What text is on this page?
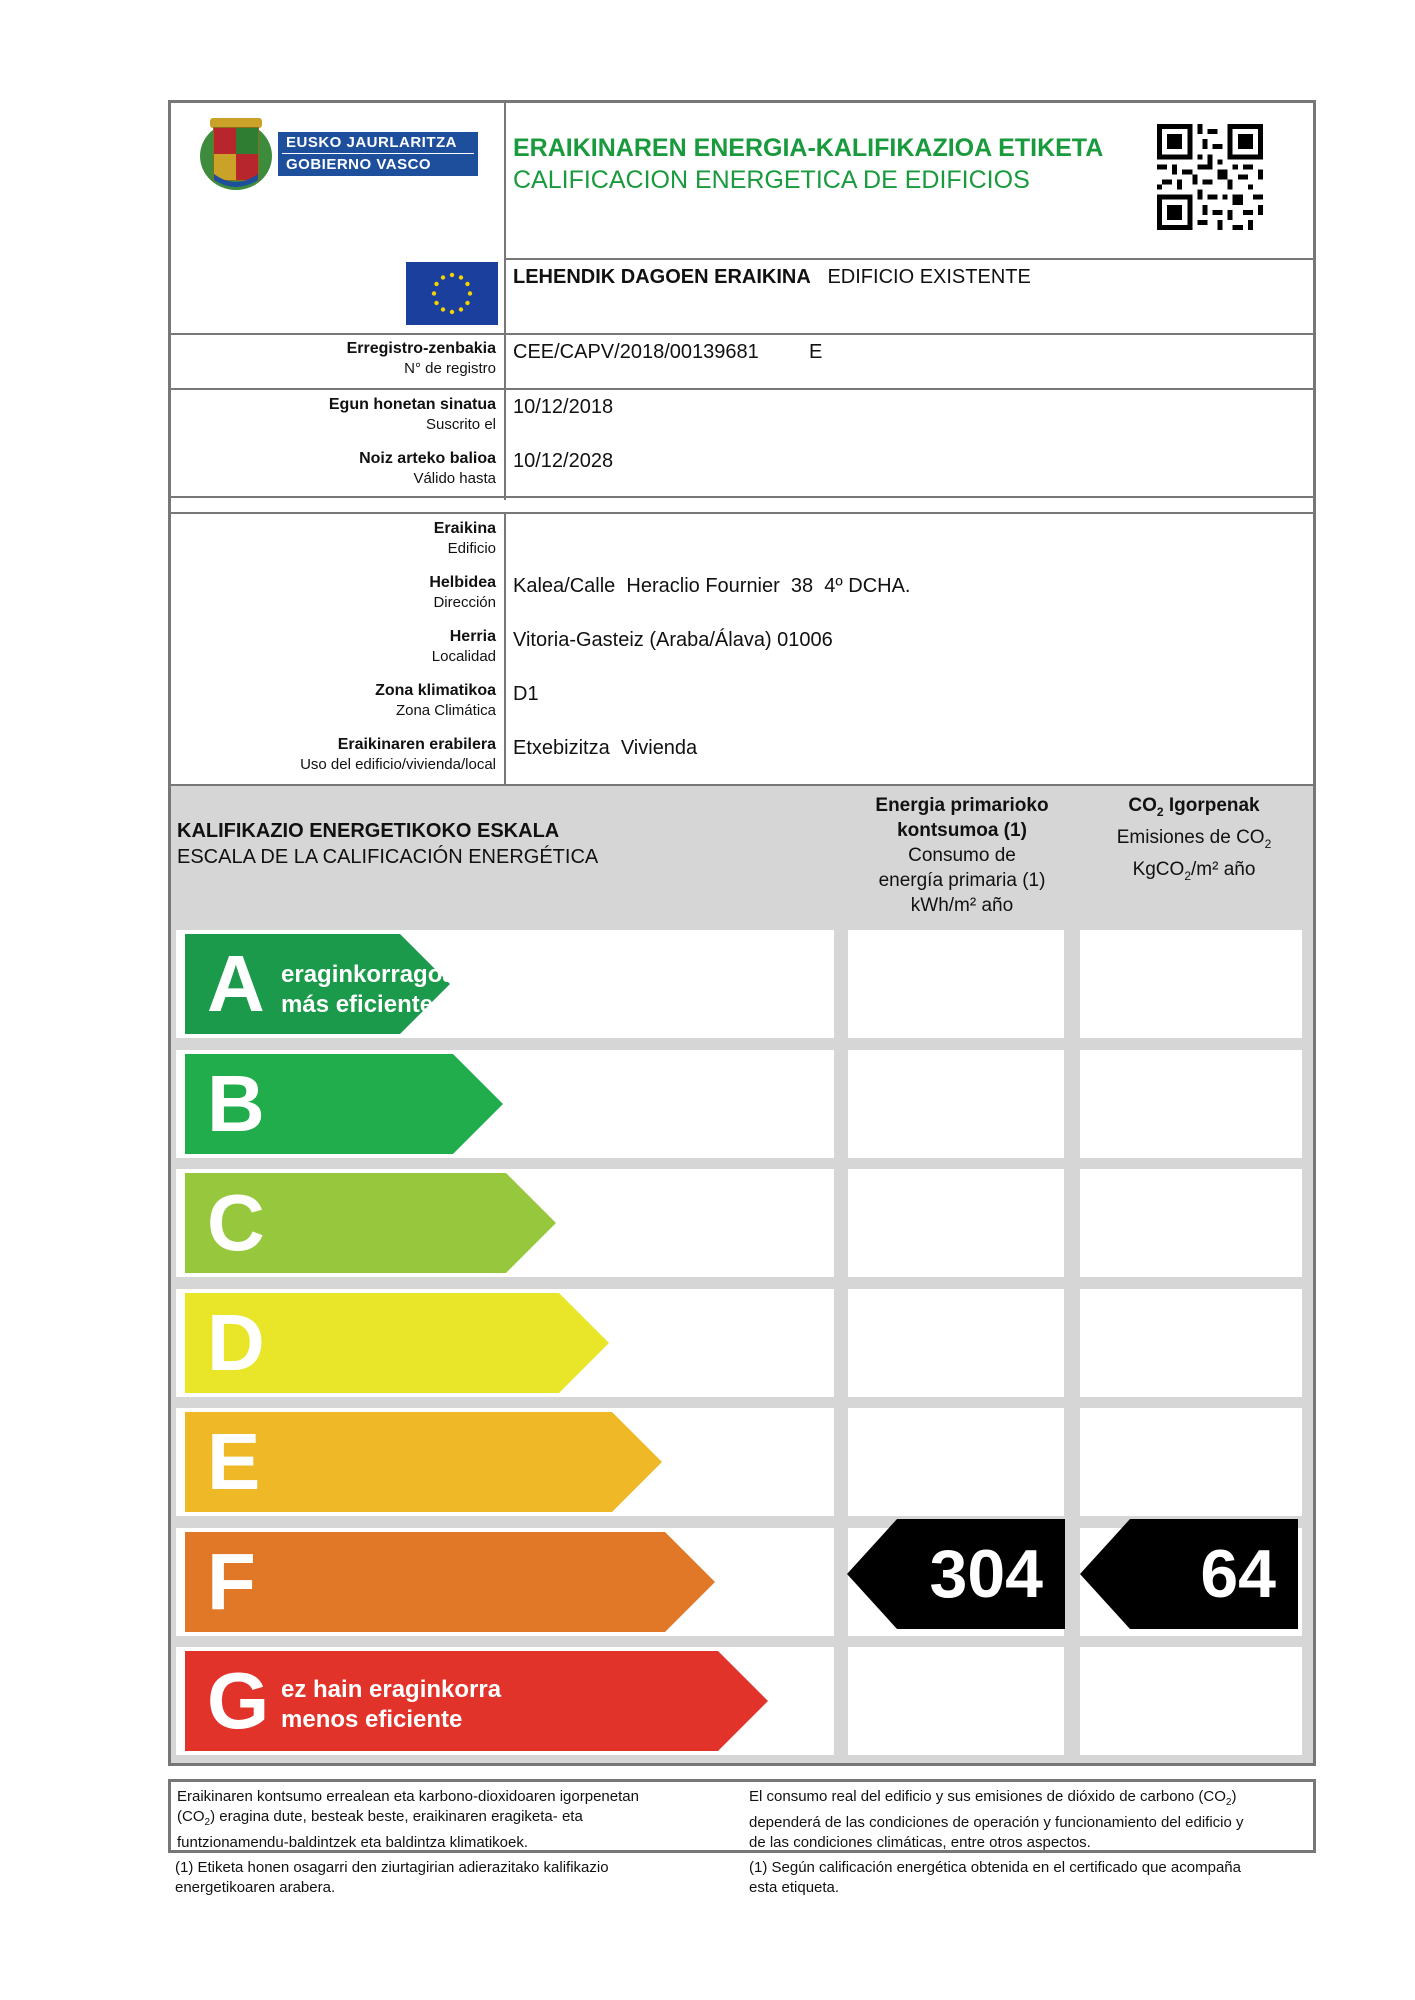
EUSKO JAURLARITZA
GOBIERNO VASCO
ERAIKINAREN ENERGIA-KALIFIKAZIOA ETIKETA
CALIFICACION ENERGETICA DE EDIFICIOS
LEHENDIK DAGOEN ERAIKINA EDIFICIO EXISTENTE
Erregistro-zenbakia
N° de registro
CEE/CAPV/2018/00139681	E
Egun honetan sinatua
Suscrito el
10/12/2018
Noiz arteko balioa
Válido hasta
10/12/2028
Eraikina
Edificio
Helbidea
Dirección
Kalea/Calle  Heraclio Fournier  38  4º DCHA.
Herria
Localidad
Vitoria-Gasteiz (Araba/Álava) 01006
Zona klimatikoa
Zona Climática
D1
Eraikinaren erabilera
Uso del edificio/vivienda/local
Etxebizitza  Vivienda
KALIFIKAZIO ENERGETIKOKO ESKALA
ESCALA DE LA CALIFICACIÓN ENERGÉTICA
Energia primarioko
kontsumoa (1)
Consumo de
energía primaria (1)
kWh/m² año
$CO_2$ Igorpenak
Emisiones de $CO_2$
KgCO$_2$/m² año
A
B
C
D
E
F
G
eraginkorragoa
más eficiente
ez hain eraginkorra
menos eficiente
304 64
Eraikinaren kontsumo errealean eta karbono-dioxidoaren igorpenetan
$(CO_2)$ eragina dute, besteak beste, eraikinaren eragiketa- eta
funtzionamendu-baldintzek eta baldintza klimatikoek.
El consumo real del edificio y sus emisiones de dióxido de carbono $(CO_2)$
dependerá de las condiciones de operación y funcionamiento del edificio y
de las condiciones climáticas, entre otros aspectos.
(1) Etiketa honen osagarri den ziurtagirian adierazitako kalifikazio
energetikoaren arabera.
(1) Según calificación energética obtenida en el certificado que acompaña
esta etiqueta.
